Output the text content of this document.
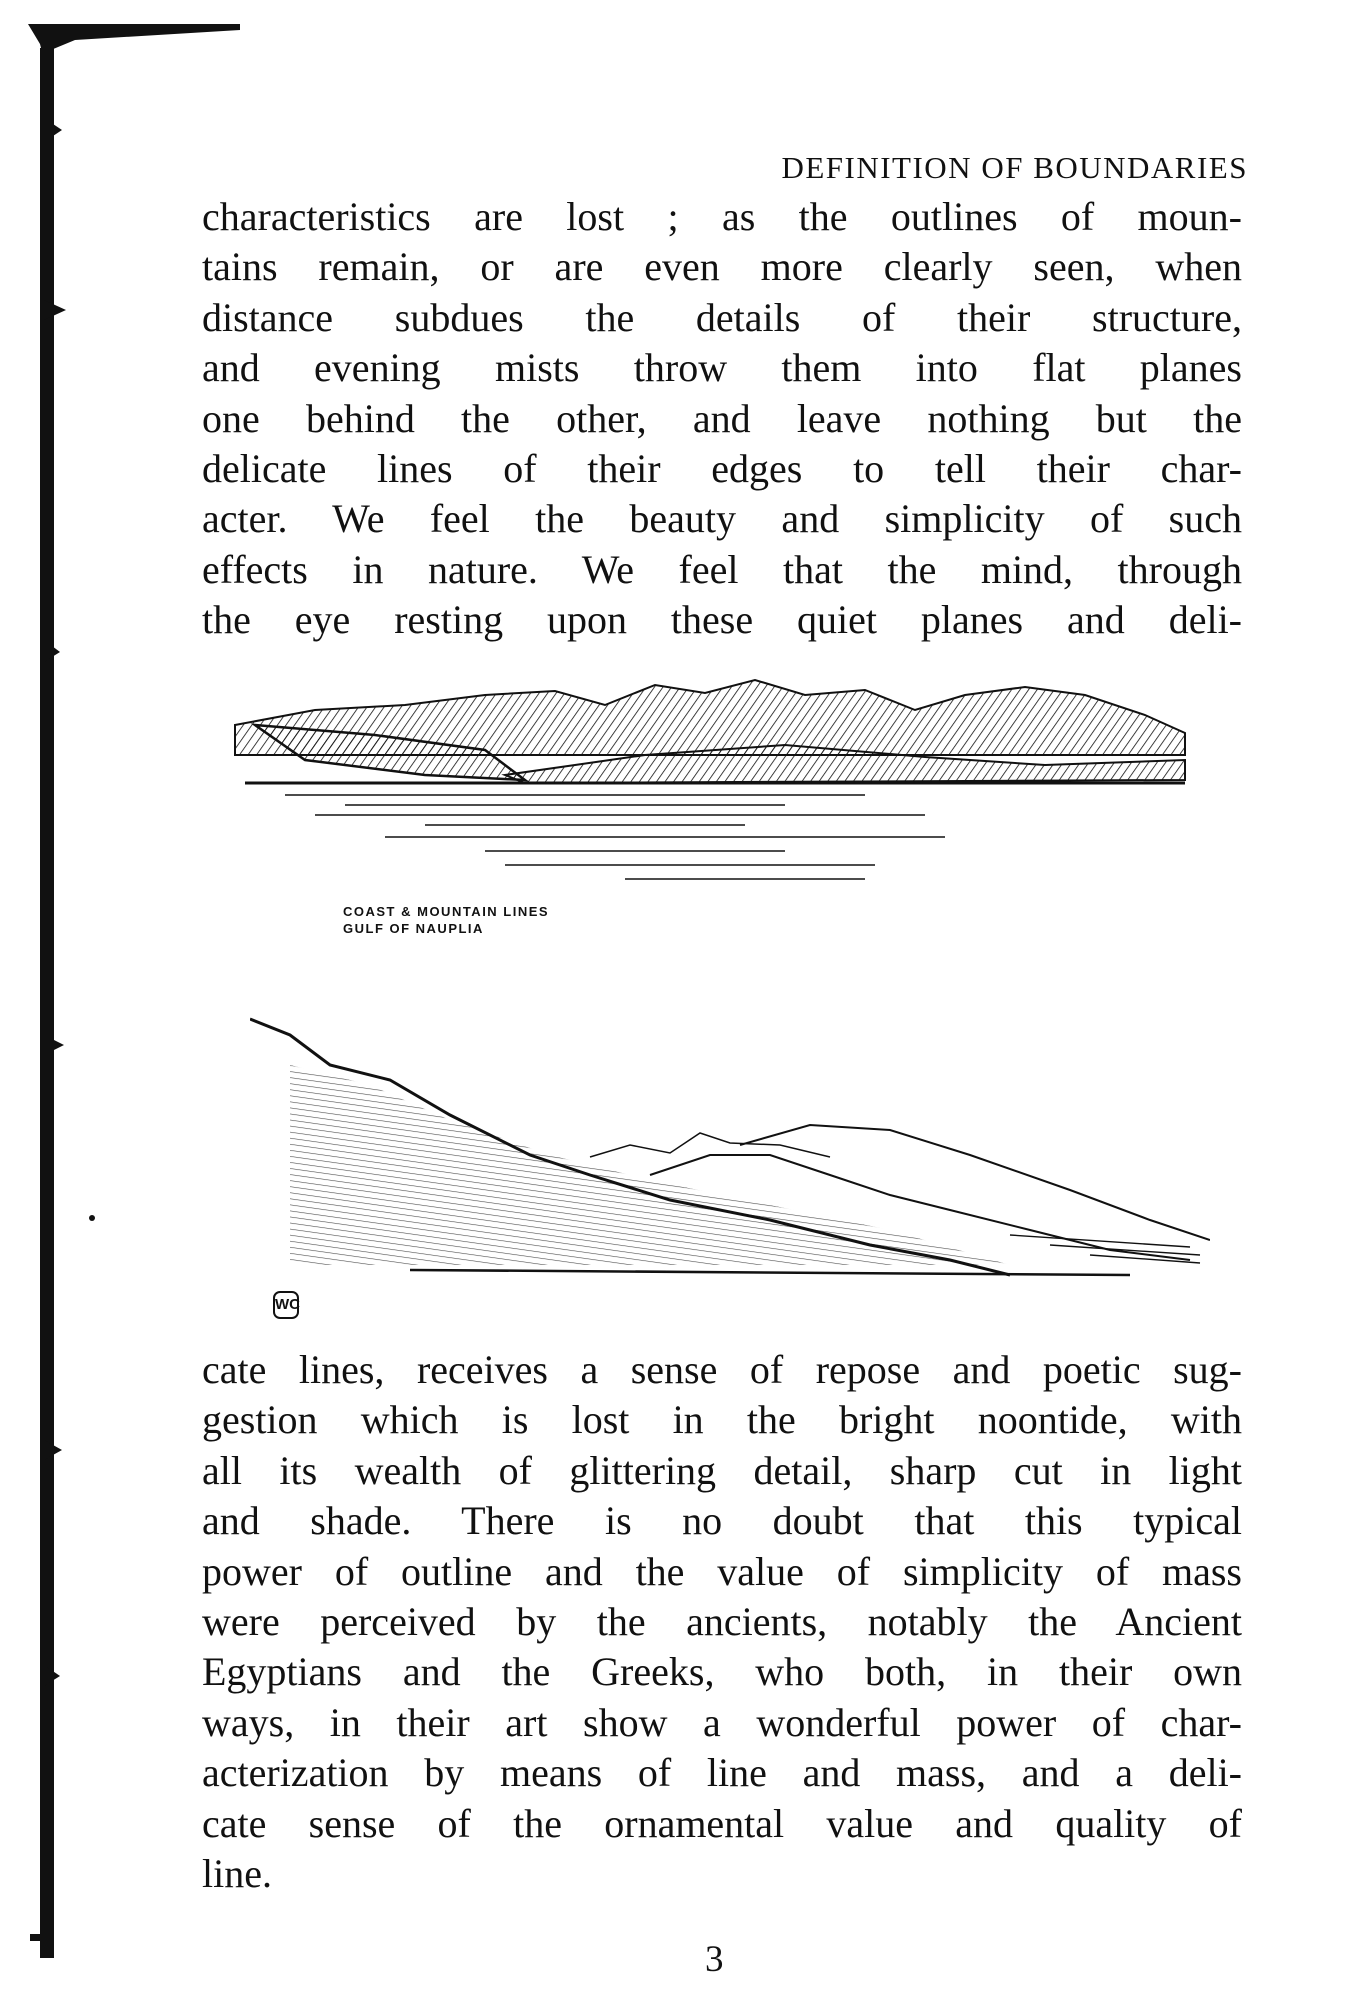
DEFINITION OF BOUNDARIES
characteristics are lost ; as the outlines of moun-
tains remain, or are even more clearly seen, when
distance subdues the details of their structure,
and evening mists throw them into flat planes
one behind the other, and leave nothing but the
delicate lines of their edges to tell their char-
acter. We feel the beauty and simplicity of such
effects in nature. We feel that the mind, through
the eye resting upon these quiet planes and deli-
COAST & MOUNTAIN LINES
GULF OF NAUPLIA
WC
cate lines, receives a sense of repose and poetic sug-
gestion which is lost in the bright noontide, with
all its wealth of glittering detail, sharp cut in light
and shade. There is no doubt that this typical
power of outline and the value of simplicity of mass
were perceived by the ancients, notably the Ancient
Egyptians and the Greeks, who both, in their own
ways, in their art show a wonderful power of char-
acterization by means of line and mass, and a deli-
cate sense of the ornamental value and quality of
line.
3
